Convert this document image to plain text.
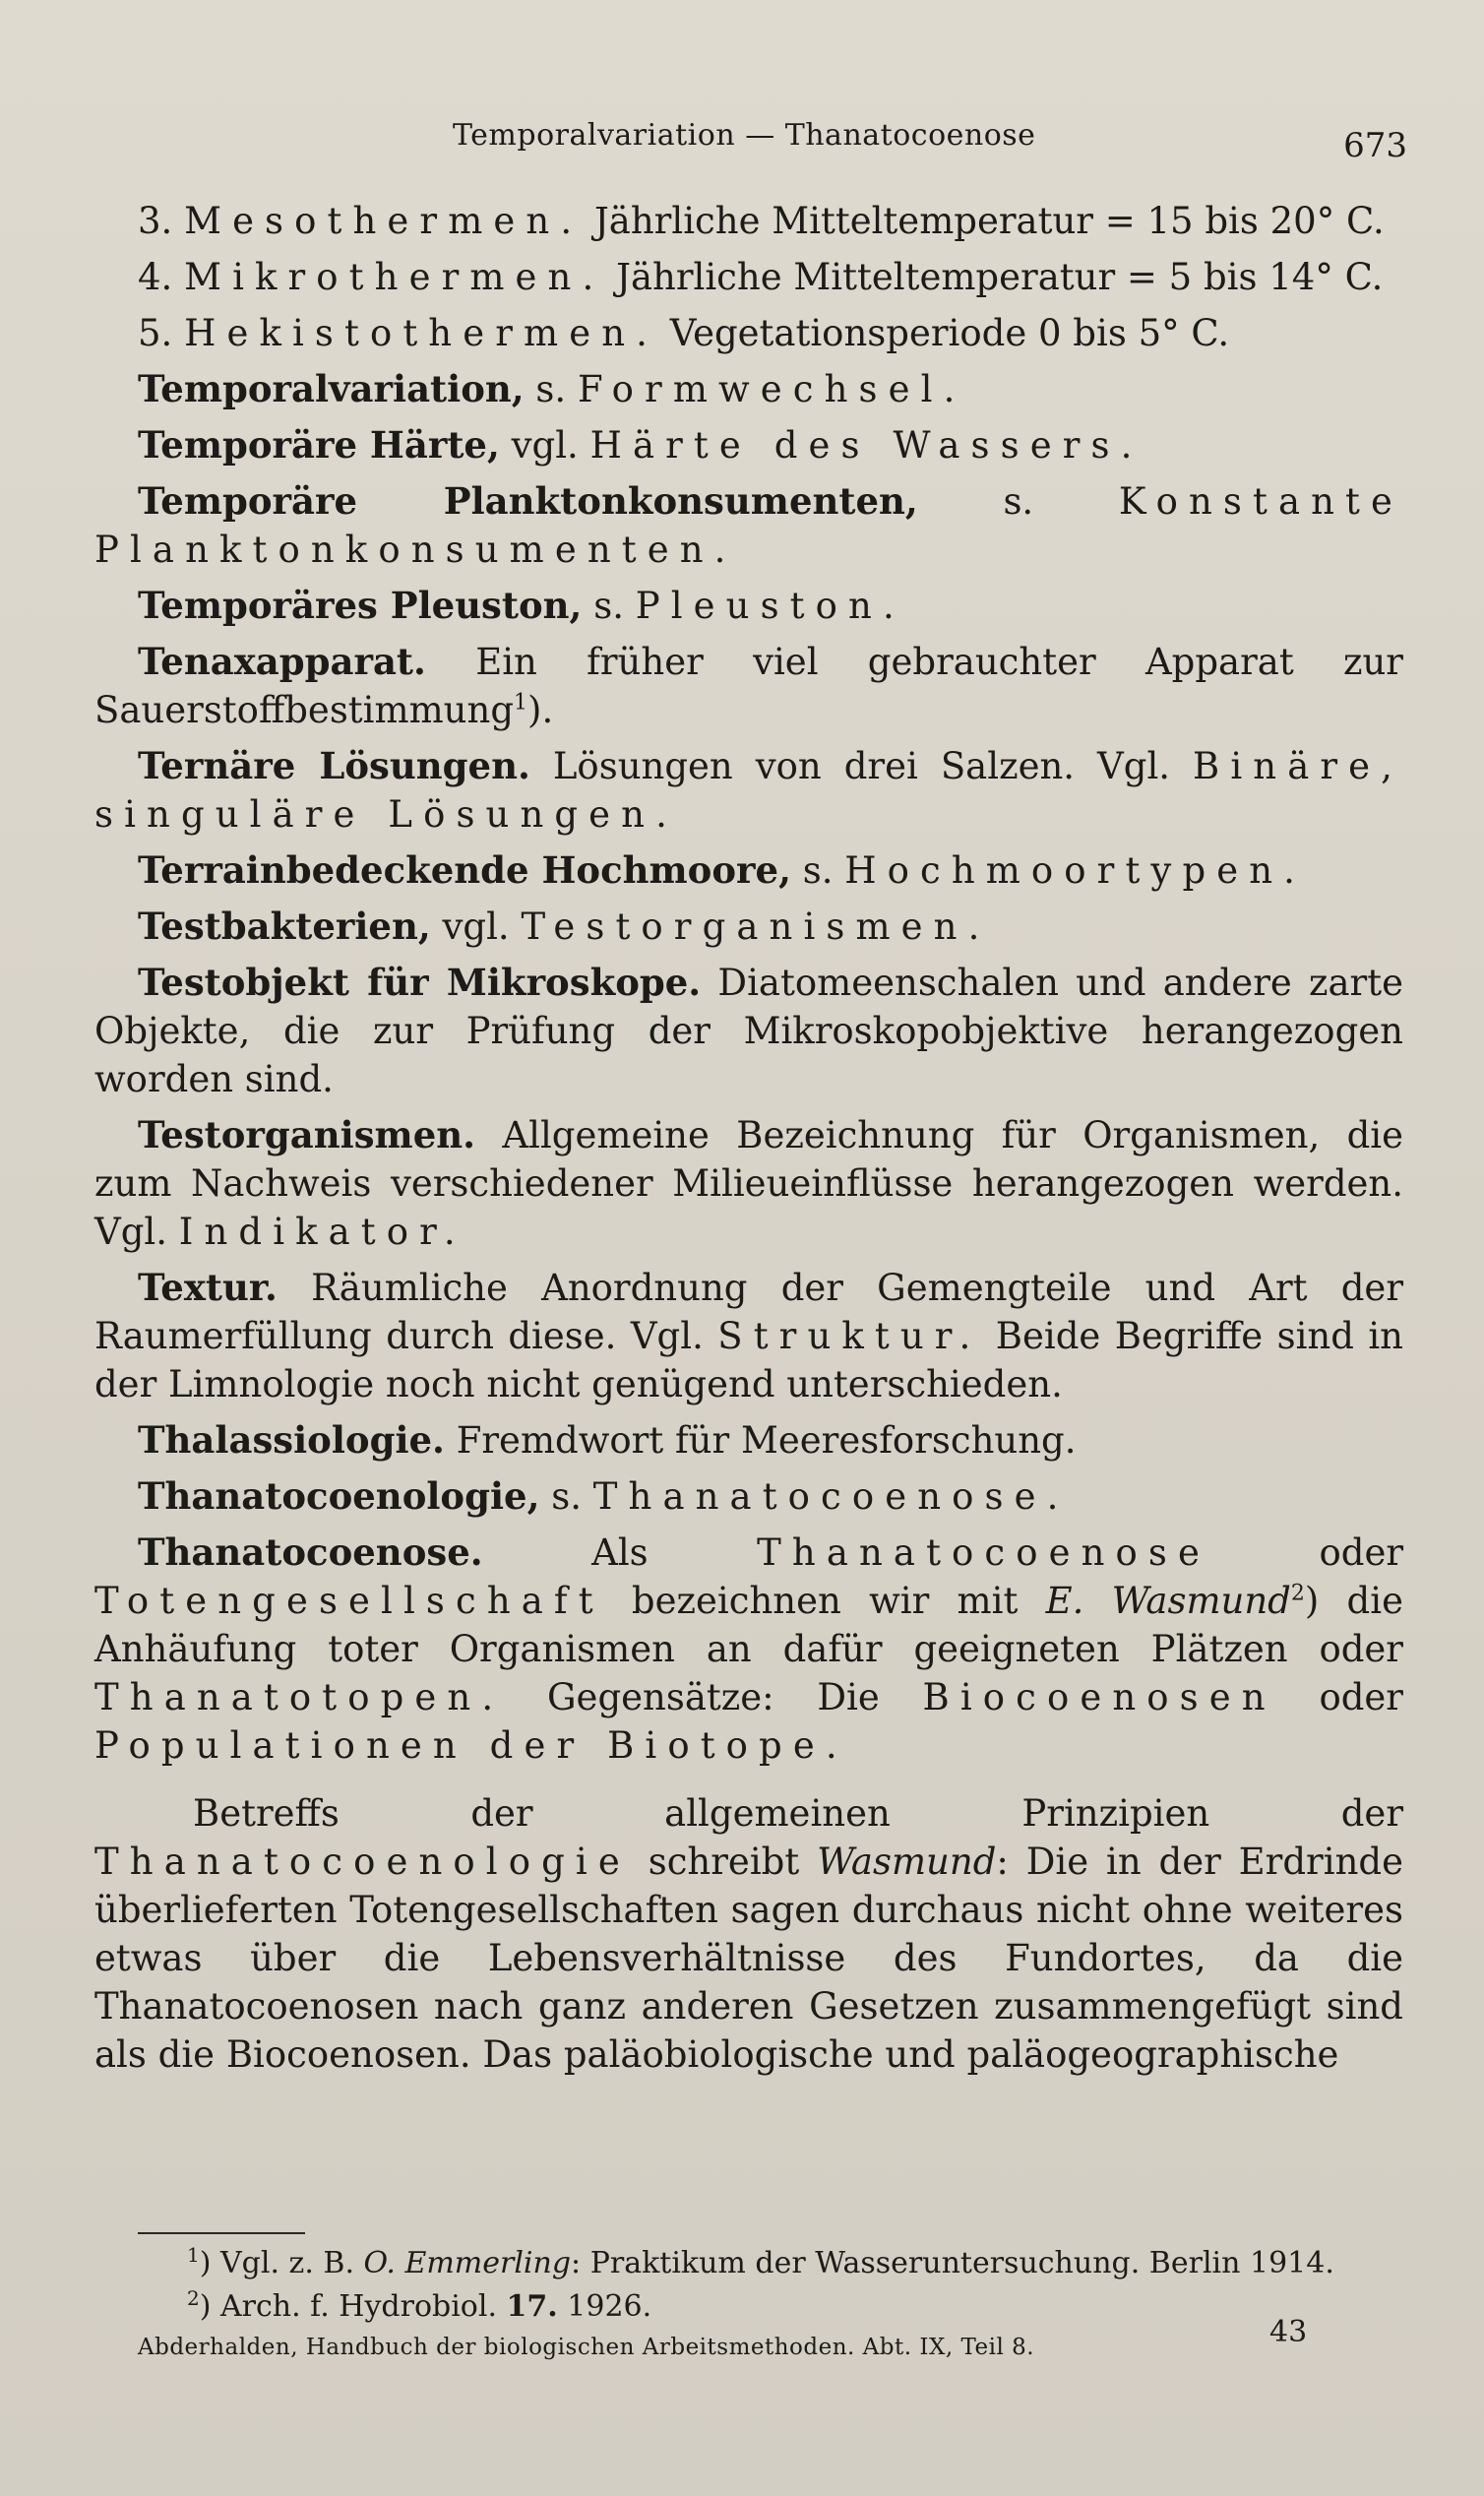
Temporalvariation — Thanatocoenose	673

3. Mesothermen. Jährliche Mitteltemperatur = 15 bis 20° C.

4. Mikrothermen. Jährliche Mitteltemperatur = 5 bis 14° C.

5. Hekistothermen. Vegetationsperiode 0 bis 5° C.

Temporalvariation, s. Formwechsel.

Temporäre Härte, vgl. Härte des Wassers.

Temporäre Planktonkonsumenten, s. Konstante Planktonkonsumenten.

Temporäres Pleuston, s. Pleuston.

Tenaxapparat. Ein früher viel gebrauchter Apparat zur Sauerstoffbestimmung$^1$).

Ternäre Lösungen. Lösungen von drei Salzen. Vgl. Binäre, singuläre Lösungen.

Terrainbedeckende Hochmoore, s. Hochmoortypen.

Testbakterien, vgl. Testorganismen.

Testobjekt für Mikroskope. Diatomeenschalen und andere zarte Objekte, die zur Prüfung der Mikroskopobjektive herangezogen worden sind.

Testorganismen. Allgemeine Bezeichnung für Organismen, die zum Nachweis verschiedener Milieueinflüsse herangezogen werden. Vgl. Indikator.

Textur. Räumliche Anordnung der Gemengteile und Art der Raumerfüllung durch diese. Vgl. Struktur. Beide Begriffe sind in der Limnologie noch nicht genügend unterschieden.

Thalassiologie. Fremdwort für Meeresforschung.

Thanatocoenologie, s. Thanatocoenose.

Thanatocoenose.	Als	Thanatocoenose	oder Totengesellschaft bezeichnen wir mit E. Wasmund$^2$) die Anhäufung toter Organismen an dafür geeigneten Plätzen oder Thanatotopen. Gegensätze: Die Biocoenosen oder Populationen der Biotope.

Betreffs der allgemeinen Prinzipien der Thanatocoenologie schreibt Wasmund: Die in der Erdrinde überlieferten Totengesellschaften sagen durchaus nicht ohne weiteres etwas über die Lebensverhältnisse des Fundortes, da die Thanatocoenosen nach ganz anderen Gesetzen zusammengefügt sind als die Biocoenosen. Das paläobiologische und paläogeographische

$^1$) Vgl. z. B. O. Emmerling: Praktikum der Wasseruntersuchung. Berlin 1914.
$^2$) Arch. f. Hydrobiol. 17. 1926.
Abderhalden, Handbuch der biologischen Arbeitsmethoden. Abt. IX, Teil 8.	43
